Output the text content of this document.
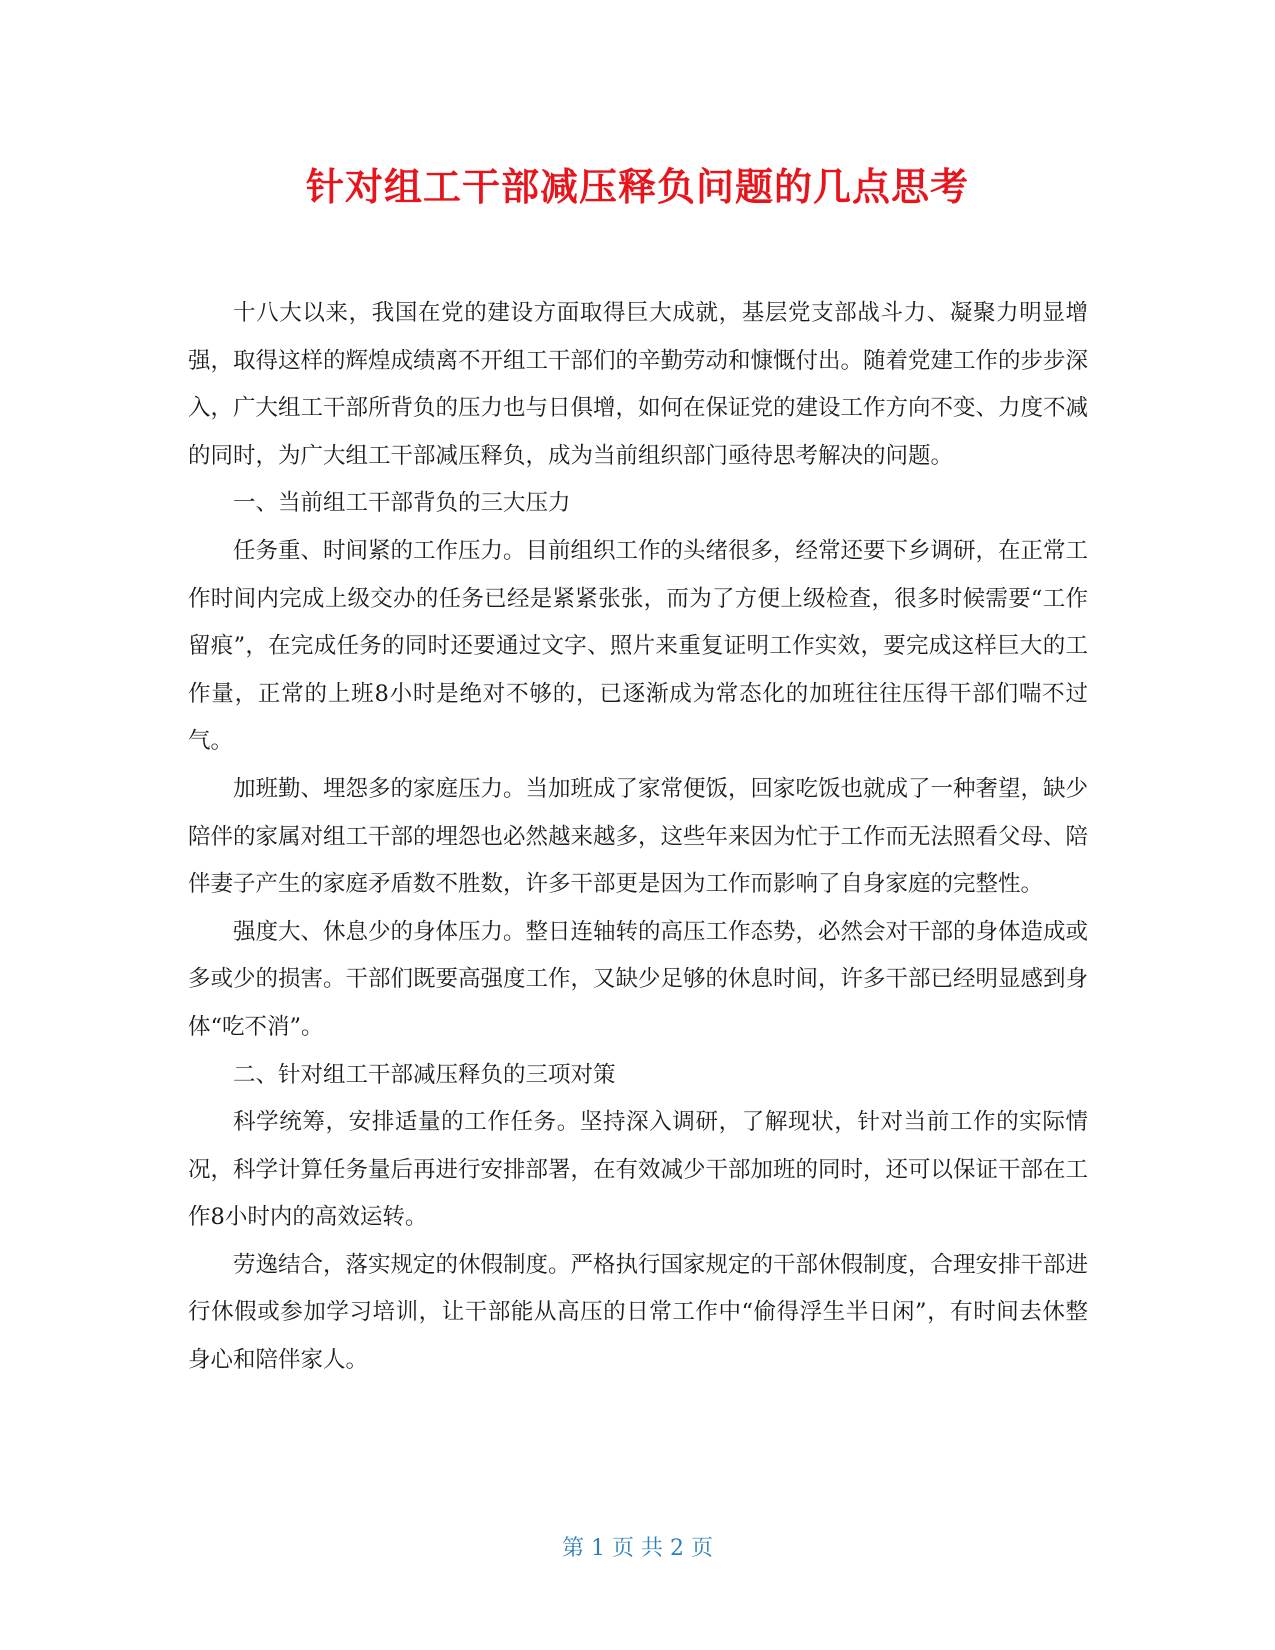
针对组工干部减压释负问题的几点思考

十八大以来，我国在党的建设方面取得巨大成就，基层党支部战斗力、凝聚力明显增强，取得这样的辉煌成绩离不开组工干部们的辛勤劳动和慷慨付出。随着党建工作的步步深入，广大组工干部所背负的压力也与日俱增，如何在保证党的建设工作方向不变、力度不减的同时，为广大组工干部减压释负，成为当前组织部门亟待思考解决的问题。

一、当前组工干部背负的三大压力

任务重、时间紧的工作压力。目前组织工作的头绪很多，经常还要下乡调研，在正常工作时间内完成上级交办的任务已经是紧紧张张，而为了方便上级检查，很多时候需要“工作留痕”，在完成任务的同时还要通过文字、照片来重复证明工作实效，要完成这样巨大的工作量，正常的上班8小时是绝对不够的，已逐渐成为常态化的加班往往压得干部们喘不过气。

加班勤、埋怨多的家庭压力。当加班成了家常便饭，回家吃饭也就成了一种奢望，缺少陪伴的家属对组工干部的埋怨也必然越来越多，这些年来因为忙于工作而无法照看父母、陪伴妻子产生的家庭矛盾数不胜数，许多干部更是因为工作而影响了自身家庭的完整性。

强度大、休息少的身体压力。整日连轴转的高压工作态势，必然会对干部的身体造成或多或少的损害。干部们既要高强度工作，又缺少足够的休息时间，许多干部已经明显感到身体“吃不消”。

二、针对组工干部减压释负的三项对策

科学统筹，安排适量的工作任务。坚持深入调研，了解现状，针对当前工作的实际情况，科学计算任务量后再进行安排部署，在有效减少干部加班的同时，还可以保证干部在工作8小时内的高效运转。

劳逸结合，落实规定的休假制度。严格执行国家规定的干部休假制度，合理安排干部进行休假或参加学习培训，让干部能从高压的日常工作中“偷得浮生半日闲”，有时间去休整身心和陪伴家人。

第 1 页 共 2 页
